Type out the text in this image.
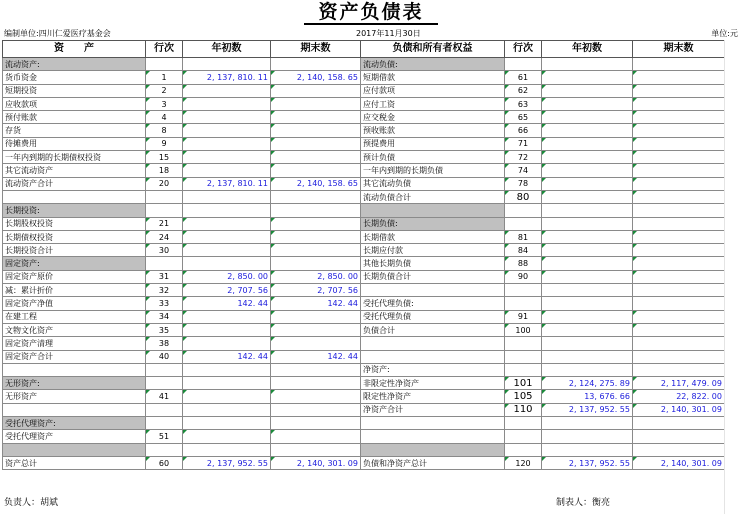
资产负债表
编制单位:四川仁爱医疗基金会	2017年11月30日	单位:元
资　　产	行次	年初数	期末数	负债和所有者权益	行次	年初数	期末数
流动资产:				流动负债:			
货币资金	1	2, 137, 810. 11	2, 140, 158. 65	短期借款	61		
短期投资	2			应付款项	62		
应收款项	3			应付工资	63		
预付账款	4			应交税金	65		
存货	8			预收账款	66		
待摊费用	9			预提费用	71		
一年内到期的长期债权投资	15			预计负债	72		
其它流动资产	18			一年内到期的长期负债	74		
流动资产合计	20	2, 137, 810. 11	2, 140, 158. 65	其它流动负债	78		
				流动负债合计	80		
长期投资:							
长期股权投资	21			长期负债:			
长期债权投资	24			长期借款	81		
长期投资合计	30			长期应付款	84		
固定资产:				其他长期负债	88		
固定资产原价	31	2, 850. 00	2, 850. 00	长期负债合计	90		
减：累计折价	32	2, 707. 56	2, 707. 56				
固定资产净值	33	142. 44	142. 44	受托代理负债:			
在建工程	34			受托代理负债	91		
文物文化资产	35			负债合计	100		
固定资产清理	38						
固定资产合计	40	142. 44	142. 44				
				净资产:			
无形资产:				非限定性净资产	101	2, 124, 275. 89	2, 117, 479. 09
无形资产	41			限定性净资产	105	13, 676. 66	22, 822. 00
				净资产合计	110	2, 137, 952. 55	2, 140, 301. 09
受托代理资产:							
受托代理资产	51						

资产总计	60	2, 137, 952. 55	2, 140, 301. 09	负债和净资产总计	120	2, 137, 952. 55	2, 140, 301. 09
负责人：胡斌	制表人：衡亮
